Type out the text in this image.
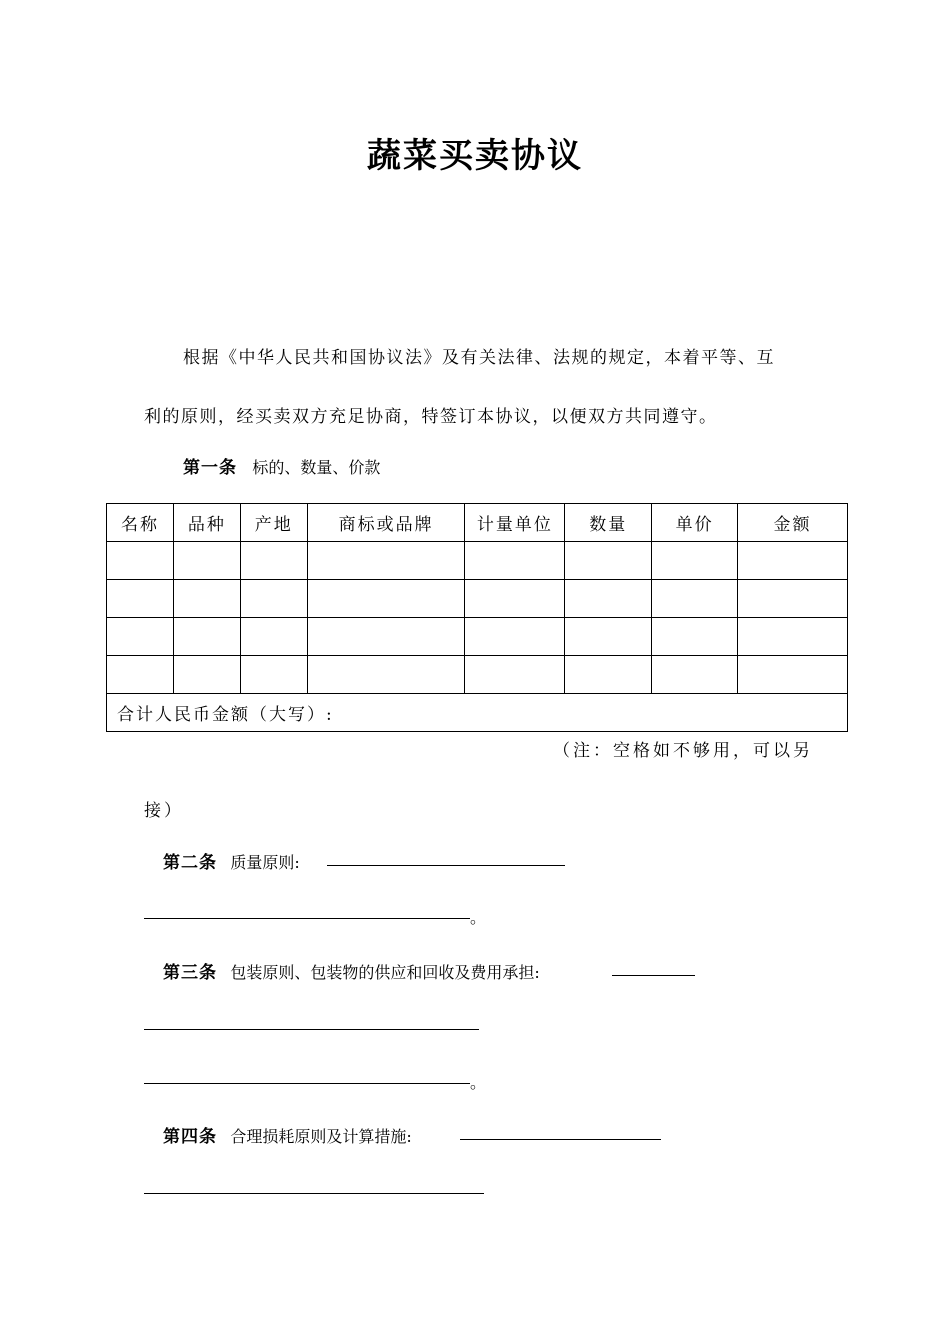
蔬菜买卖协议
根据《中华人民共和国协议法》及有关法律、法规的规定，本着平等、互
利的原则，经买卖双方充足协商，特签订本协议，以便双方共同遵守。
第一条 标的、数量、价款
名称	品种	产地	商标或品牌	计量单位	数量	单价	金额

合计人民币金额（大写）:							
（注：空格如不够用，可以另
接）
第二条 质量原则:
。
第三条 包装原则、包装物的供应和回收及费用承担:
。
第四条 合理损耗原则及计算措施:
